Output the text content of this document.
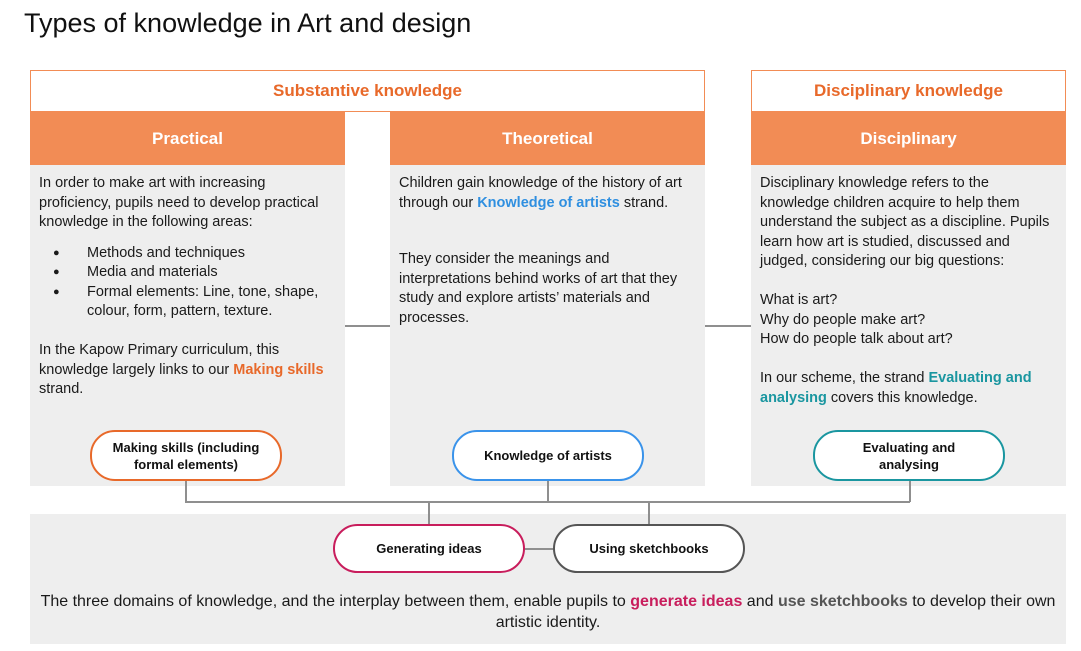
Types of knowledge in Art and design
Substantive knowledge	Disciplinary knowledge
Practical

In order to make art with increasing proficiency, pupils need to develop practical knowledge in the following areas:

● Methods and techniques
● Media and materials
● Formal elements: Line, tone, shape, colour, form, pattern, texture.

In the Kapow Primary curriculum, this knowledge largely links to our Making skills strand.

Theoretical

Children gain knowledge of the history of art through our Knowledge of artists strand.

They consider the meanings and interpretations behind works of art that they study and explore artists’ materials and processes.

Disciplinary

Disciplinary knowledge refers to the knowledge children acquire to help them understand the subject as a discipline. Pupils learn how art is studied, discussed and judged, considering our big questions:

What is art?

Why do people make art?

How do people talk about art?

In our scheme, the strand Evaluating and analysing covers this knowledge.

Making skills (including formal elements)
Knowledge of artists
Evaluating and analysing
Generating ideas	Using sketchbooks
The three domains of knowledge, and the interplay between them, enable pupils to generate ideas and use sketchbooks to develop their own artistic identity.
